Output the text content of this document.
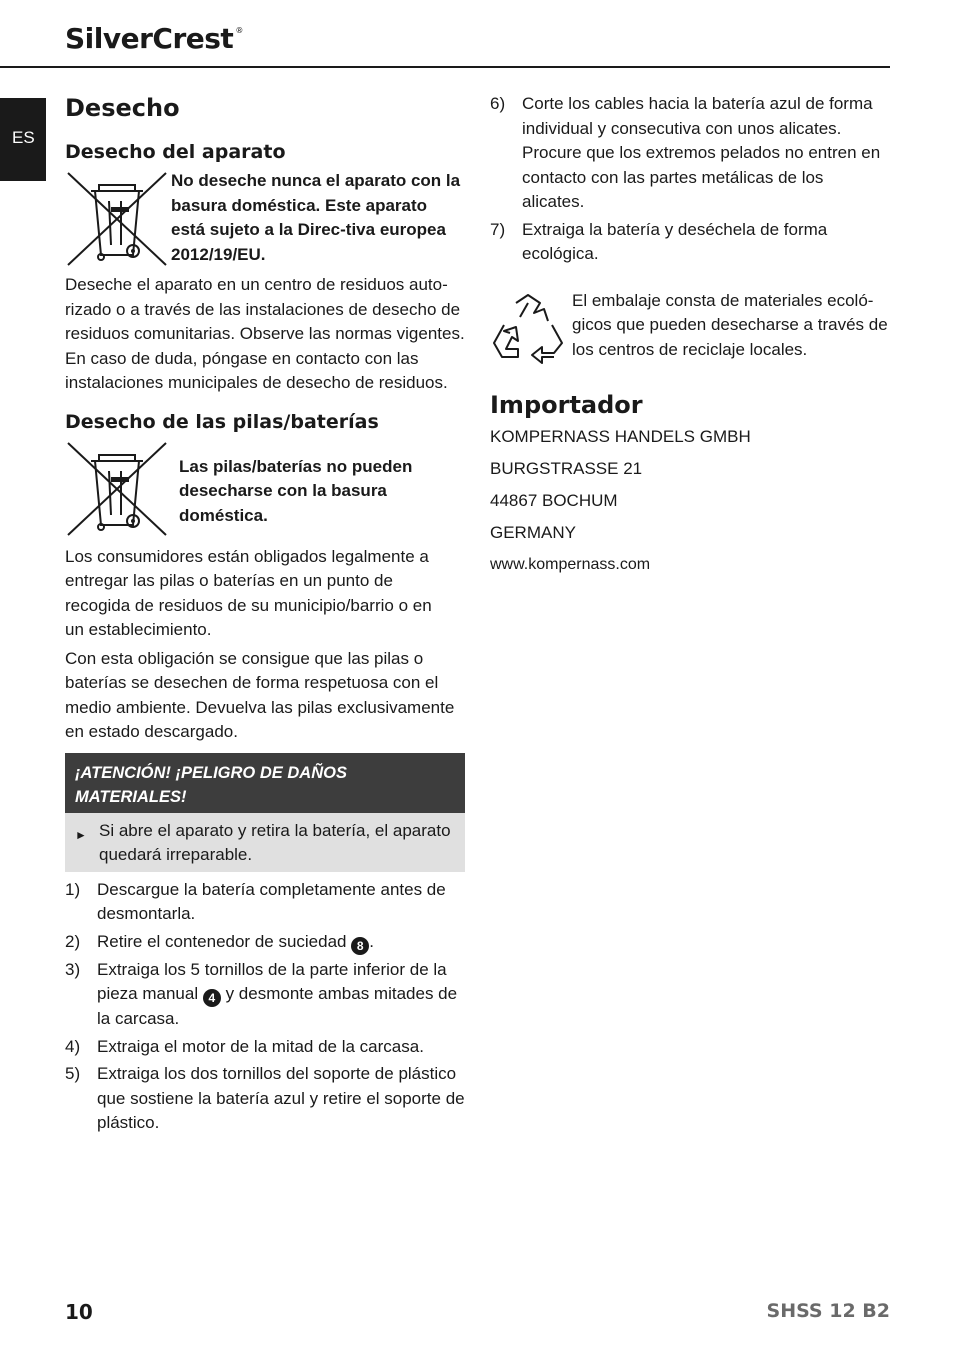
SilverCrest ®
ES
Desecho
Desecho del aparato

No deseche nunca el aparato con la basura doméstica. Este aparato está sujeto a la Direc-tiva europea 2012/19/EU.

Deseche el aparato en un centro de residuos auto-rizado o a través de las instalaciones de desecho de residuos comunitarias. Observe las normas vigentes. En caso de duda, póngase en contacto con las instalaciones municipales de desecho de residuos.

Desecho de las pilas/baterías

Las pilas/baterías no pueden desecharse con la basura doméstica.

Los consumidores están obligados legalmente a entregar las pilas o baterías en un punto de recogida de residuos de su municipio/barrio o en un establecimiento.

Con esta obligación se consigue que las pilas o baterías se desechen de forma respetuosa con el medio ambiente. Devuelva las pilas exclusivamente en estado descargado.

¡ATENCIÓN! ¡PELIGRO DE DAÑOS MATERIALES!
► Si abre el aparato y retira la batería, el aparato quedará irreparable.
1) Descargue la batería completamente antes de desmontarla.
2) Retire el contenedor de suciedad 8 .
3) Extraiga los 5 tornillos de la parte inferior de la pieza manual 4 y desmonte ambas mitades de la carcasa.
4) Extraiga el motor de la mitad de la carcasa.
5) Extraiga los dos tornillos del soporte de plástico que sostiene la batería azul y retire el soporte de plástico.
6) Corte los cables hacia la batería azul de forma individual y consecutiva con unos alicates. Procure que los extremos pelados no entren en contacto con las partes metálicas de los alicates.
7) Extraiga la batería y deséchela de forma ecológica.

El embalaje consta de materiales ecoló-gicos que pueden desecharse a través de los centros de reciclaje locales.

Importador

KOMPERNASS HANDELS GMBH

BURGSTRASSE 21

44867 BOCHUM

GERMANY

www.kompernass.com

10	SHSS 12 B2
